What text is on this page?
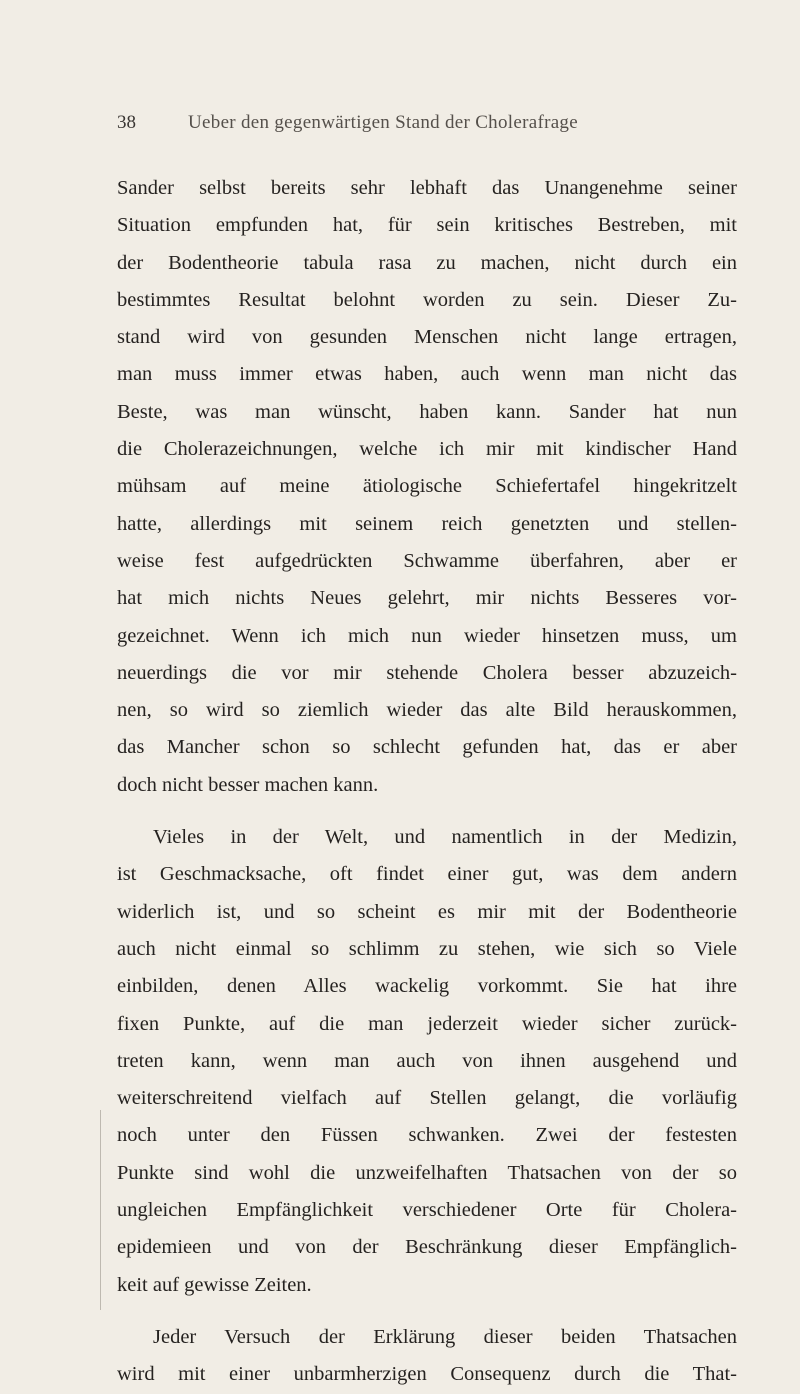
38	Ueber den gegenwärtigen Stand der Cholerafrage
Sander selbst bereits sehr lebhaft das Unangenehme seiner
Situation empfunden hat, für sein kritisches Bestreben, mit
der Bodentheorie tabula rasa zu machen, nicht durch ein
bestimmtes Resultat belohnt worden zu sein. Dieser Zu-
stand wird von gesunden Menschen nicht lange ertragen,
man muss immer etwas haben, auch wenn man nicht das
Beste, was man wünscht, haben kann. Sander hat nun
die Cholerazeichnungen, welche ich mir mit kindischer Hand
mühsam auf meine ätiologische Schiefertafel hingekritzelt
hatte, allerdings mit seinem reich genetzten und stellen-
weise fest aufgedrückten Schwamme überfahren, aber er
hat mich nichts Neues gelehrt, mir nichts Besseres vor-
gezeichnet. Wenn ich mich nun wieder hinsetzen muss, um
neuerdings die vor mir stehende Cholera besser abzuzeich-
nen, so wird so ziemlich wieder das alte Bild herauskommen,
das Mancher schon so schlecht gefunden hat, das er aber
doch nicht besser machen kann.
Vieles in der Welt, und namentlich in der Medizin,
ist Geschmacksache, oft findet einer gut, was dem andern
widerlich ist, und so scheint es mir mit der Bodentheorie
auch nicht einmal so schlimm zu stehen, wie sich so Viele
einbilden, denen Alles wackelig vorkommt. Sie hat ihre
fixen Punkte, auf die man jederzeit wieder sicher zurück-
treten kann, wenn man auch von ihnen ausgehend und
weiterschreitend vielfach auf Stellen gelangt, die vorläufig
noch unter den Füssen schwanken. Zwei der festesten
Punkte sind wohl die unzweifelhaften Thatsachen von der so
ungleichen Empfänglichkeit verschiedener Orte für Cholera-
epidemieen und von der Beschränkung dieser Empfänglich-
keit auf gewisse Zeiten.
Jeder Versuch der Erklärung dieser beiden Thatsachen
wird mit einer unbarmherzigen Consequenz durch die That-
